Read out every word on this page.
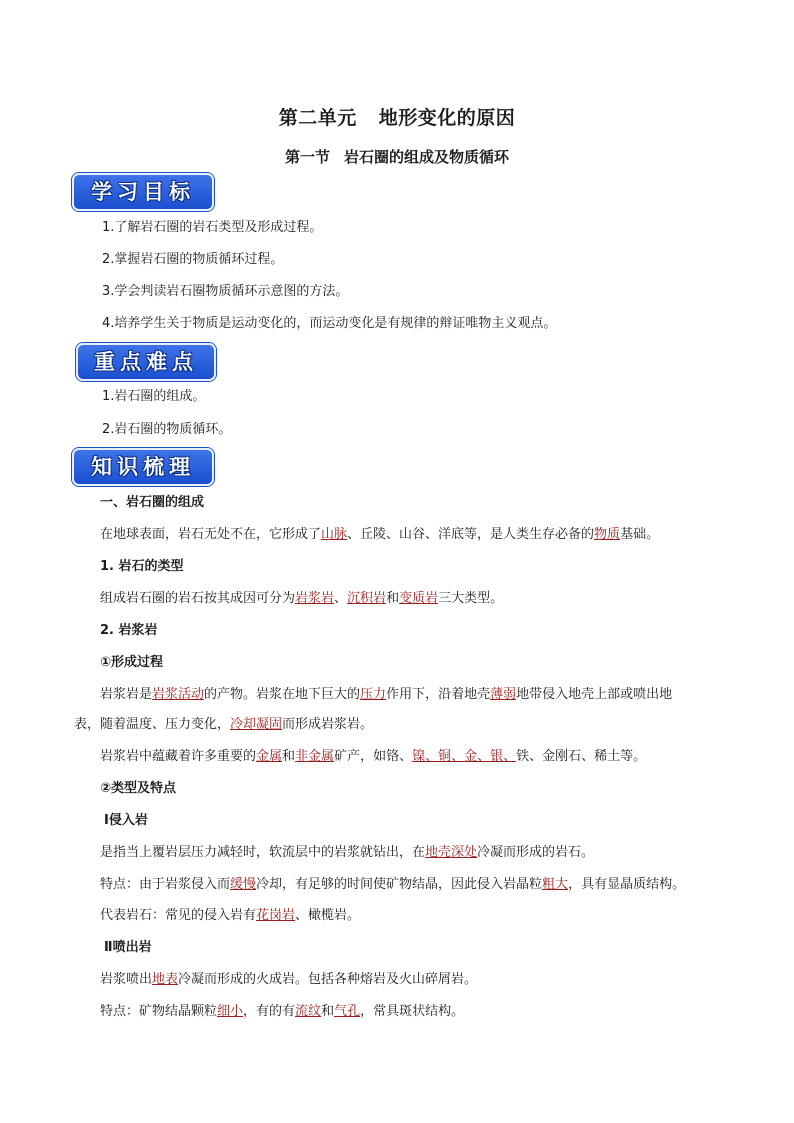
第二单元 地形变化的原因
第一节 岩石圈的组成及物质循环
学习目标
1.了解岩石圈的岩石类型及形成过程。
2.掌握岩石圈的物质循环过程。
3.学会判读岩石圈物质循环示意图的方法。
4.培养学生关于物质是运动变化的，而运动变化是有规律的辩证唯物主义观点。
重点难点
1.岩石圈的组成。
2.岩石圈的物质循环。
知识梳理
一、岩石圈的组成
在地球表面，岩石无处不在，它形成了山脉、丘陵、山谷、洋底等，是人类生存必备的物质基础。
1. 岩石的类型
组成岩石圈的岩石按其成因可分为岩浆岩、沉积岩和变质岩三大类型。
2. 岩浆岩
①形成过程
岩浆岩是岩浆活动的产物。岩浆在地下巨大的压力作用下，沿着地壳薄弱地带侵入地壳上部或喷出地
表，随着温度、压力变化，冷却凝固而形成岩浆岩。
岩浆岩中蕴藏着许多重要的金属和非金属矿产，如铬、镍、铜、金、银、铁、金刚石、稀土等。
②类型及特点
Ⅰ侵入岩
是指当上覆岩层压力减轻时，软流层中的岩浆就钻出，在地壳深处冷凝而形成的岩石。
特点：由于岩浆侵入而缓慢冷却，有足够的时间使矿物结晶，因此侵入岩晶粒粗大，具有显晶质结构。
代表岩石：常见的侵入岩有花岗岩、橄榄岩。
Ⅱ喷出岩
岩浆喷出地表冷凝而形成的火成岩。包括各种熔岩及火山碎屑岩。
特点：矿物结晶颗粒细小，有的有流纹和气孔，常具斑状结构。
